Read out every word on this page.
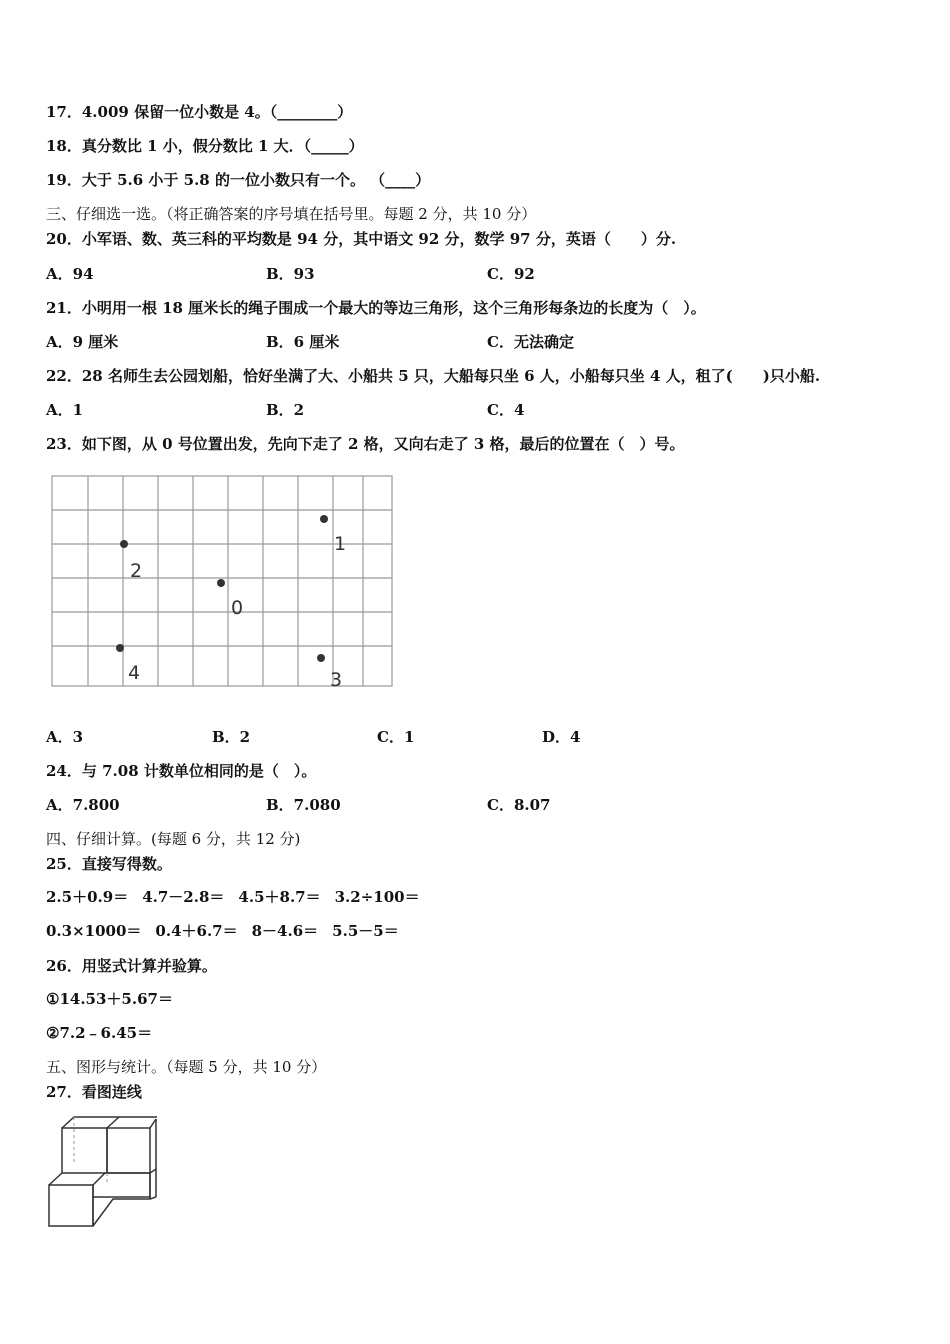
17．4.009 保留一位小数是 4。（________）
18．真分数比 1 小，假分数比 1 大．（_____）
19．大于 5.6 小于 5.8 的一位小数只有一个。 （____）
三、仔细选一选。（将正确答案的序号填在括号里。每题 2 分，共 10 分）
20．小军语、数、英三科的平均数是 94 分，其中语文 92 分，数学 97 分，英语（　　）分.
A．94	B．93	C．92
21．小明用一根 18 厘米长的绳子围成一个最大的等边三角形，这个三角形每条边的长度为（　）。
A．9 厘米	B．6 厘米	C．无法确定
22．28 名师生去公园划船，恰好坐满了大、小船共 5 只，大船每只坐 6 人，小船每只坐 4 人，租了(　　)只小船.
A．1	B．2	C．4
23．如下图，从 0 号位置出发，先向下走了 2 格，又向右走了 3 格，最后的位置在（　）号。
1
2
0
4	3
A．3	B．2	C．1	D．4
24．与 7.08 计数单位相同的是（　）。
A．7.800	B．7.080	C．8.07
四、仔细计算。(每题 6 分，共 12 分)
25．直接写得数。
2.5＋0.9＝ 4.7－2.8＝ 4.5＋8.7＝ 3.2÷100＝
0.3×1000＝ 0.4＋6.7＝ 8－4.6＝ 5.5－5＝
26．用竖式计算并验算。
①14.53＋5.67＝
②7.2﹣6.45＝
五、图形与统计。（每题 5 分，共 10 分）
27．看图连线
